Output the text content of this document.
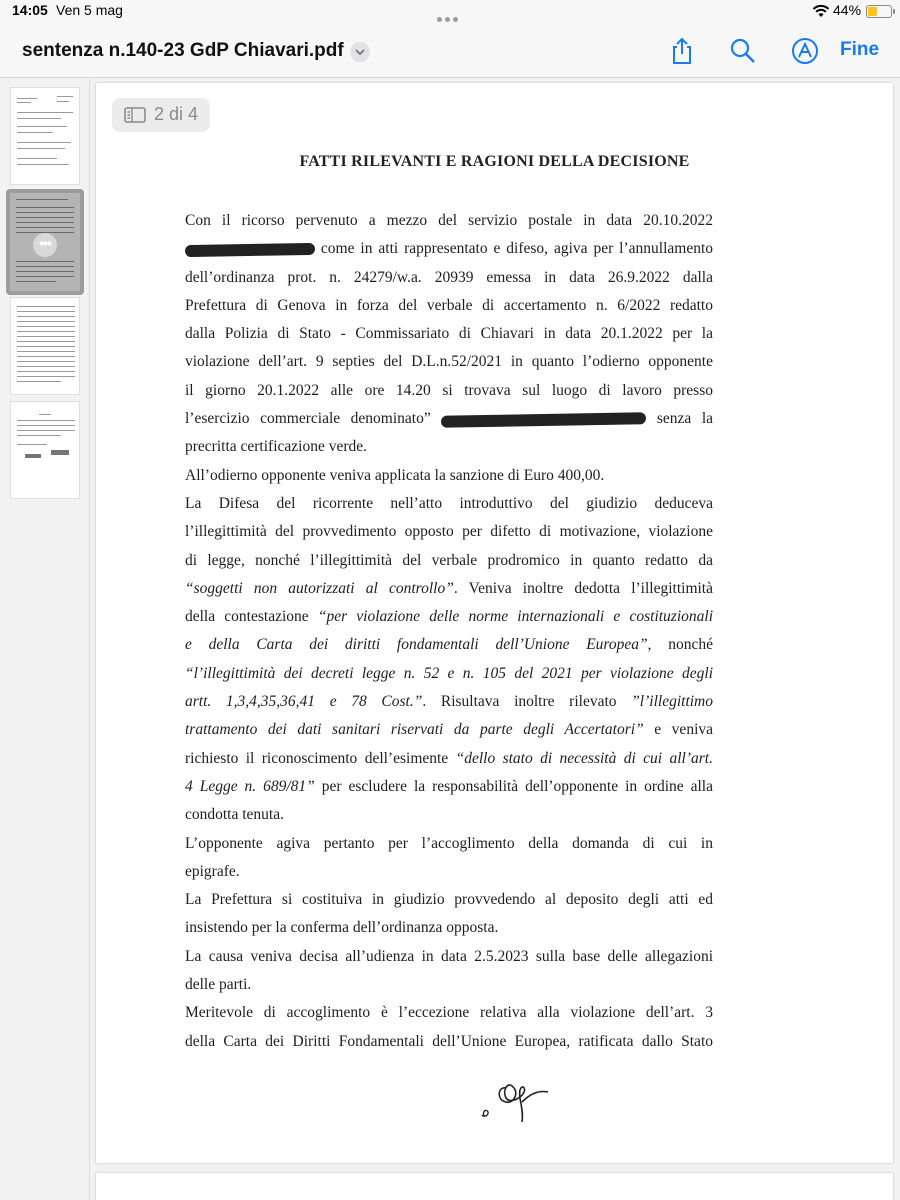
14:05 Ven 5 mag	44%
sentenza n.140-23 GdP Chiavari.pdf	Fine
•••
2 di 4
FATTI RILEVANTI E RAGIONI DELLA DECISIONE

Con il ricorso pervenuto a mezzo del servizio postale in data 20.10.2022

come in atti rappresentato e difeso, agiva per l’annullamento

dell’ordinanza prot. n. 24279/w.a. 20939 emessa in data 26.9.2022 dalla

Prefettura di Genova in forza del verbale di accertamento n. 6/2022 redatto

dalla Polizia di Stato - Commissariato di Chiavari in data 20.1.2022 per la

violazione dell’art. 9 septies del D.L.n.52/2021 in quanto l’odierno opponente

il giorno 20.1.2022 alle ore 14.20 si trovava sul luogo di lavoro presso

l’esercizio commerciale denominato”	senza la

precritta certificazione verde.

All’odierno opponente veniva applicata la sanzione di Euro 400,00.

La Difesa del ricorrente nell’atto introduttivo del giudizio deduceva

l’illegittimità del provvedimento opposto per difetto di motivazione, violazione

di legge, nonché l’illegittimità del verbale prodromico in quanto redatto da

“soggetti non autorizzati al controllo”. Veniva inoltre dedotta l’illegittimità

della contestazione “per violazione delle norme internazionali e costituzionali

e della Carta dei diritti fondamentali dell’Unione Europea”, nonché

“l’illegittimità dei decreti legge n. 52 e n. 105 del 2021 per violazione degli

artt. 1,3,4,35,36,41 e 78 Cost.”. Risultava inoltre rilevato ”l’illegittimo

trattamento dei dati sanitari riservati da parte degli Accertatori” e veniva

richiesto il riconoscimento dell’esimente “dello stato di necessità di cui all’art.

4 Legge n. 689/81” per escludere la responsabilità dell’opponente in ordine alla

condotta tenuta.

L’opponente agiva pertanto per l’accoglimento della domanda di cui in

epigrafe.

La Prefettura si costituiva in giudizio provvedendo al deposito degli atti ed

insistendo per la conferma dell’ordinanza opposta.

La causa veniva decisa all’udienza in data 2.5.2023 sulla base delle allegazioni

delle parti.

Meritevole di accoglimento è l’eccezione relativa alla violazione dell’art. 3

della Carta dei Diritti Fondamentali dell’Unione Europea, ratificata dallo Stato
